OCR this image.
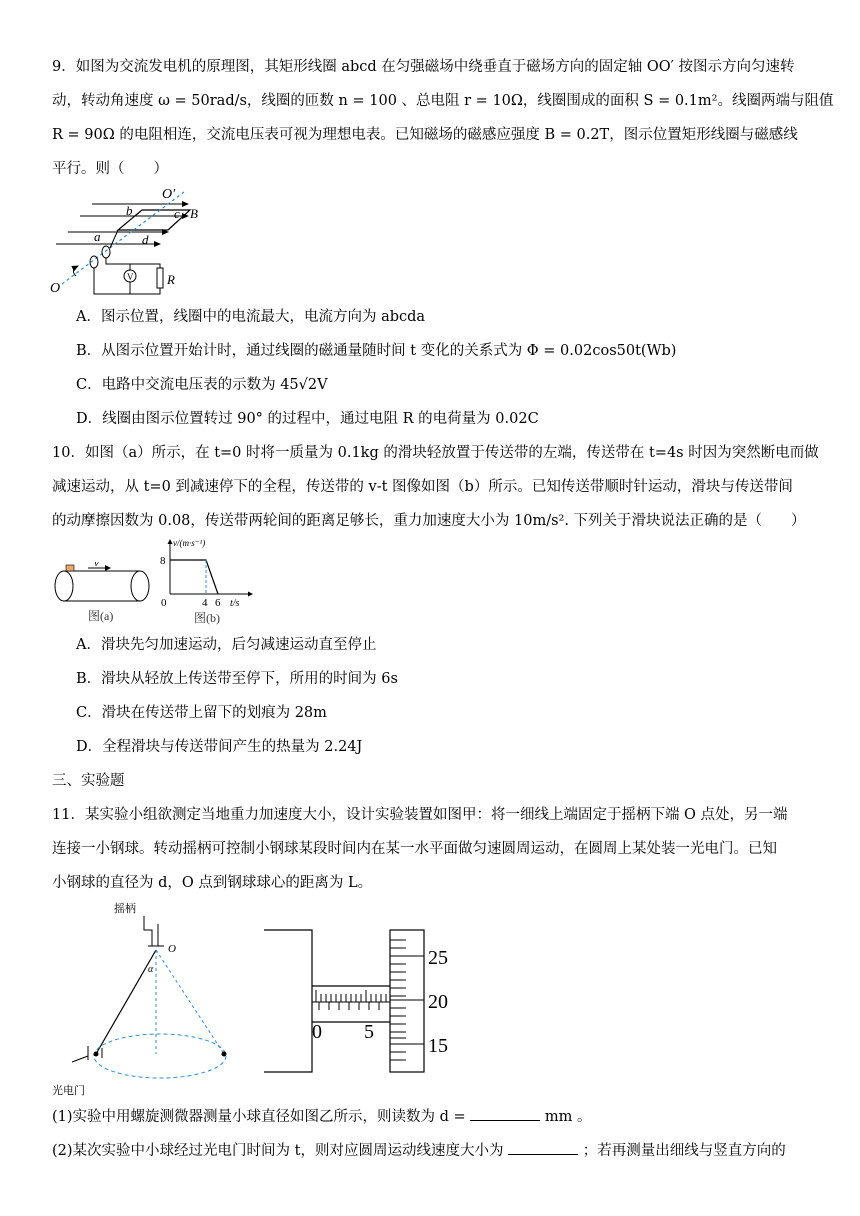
9．如图为交流发电机的原理图，其矩形线圈 abcd 在匀强磁场中绕垂直于磁场方向的固定轴 OO′ 按图示方向匀速转
动，转动角速度 ω = 50rad/s，线圈的匝数 n = 100 、总电阻 r = 10Ω，线圈围成的面积 S = 0.1m²。线圈两端与阻值
R = 90Ω 的电阻相连，交流电压表可视为理想电表。已知磁场的磁感应强度 B = 0.2T，图示位置矩形线圈与磁感线
平行。则（　　）
O′
b	c B
a	d
V	R
O
A．图示位置，线圈中的电流最大，电流方向为 abcda
B．从图示位置开始计时，通过线圈的磁通量随时间 t 变化的关系式为 Φ = 0.02cos50t(Wb)
C．电路中交流电压表的示数为 45√2V
D．线圈由图示位置转过 90° 的过程中，通过电阻 R 的电荷量为 0.02C
10．如图（a）所示，在 t=0 时将一质量为 0.1kg 的滑块轻放置于传送带的左端，传送带在 t=4s 时因为突然断电而做
减速运动，从 t=0 到减速停下的全程，传送带的 v-t 图像如图（b）所示。已知传送带顺时针运动，滑块与传送带间
的动摩擦因数为 0.08，传送带两轮间的距离足够长，重力加速度大小为 10m/s². 下列关于滑块说法正确的是（　　）
v
图(a)
v/(m·s⁻¹)
8
0	4 6 t/s
图(b)
A．滑块先匀加速运动，后匀减速运动直至停止
B．滑块从轻放上传送带至停下，所用的时间为 6s
C．滑块在传送带上留下的划痕为 28m
D．全程滑块与传送带间产生的热量为 2.24J
三、实验题
11．某实验小组欲测定当地重力加速度大小，设计实验装置如图甲：将一细线上端固定于摇柄下端 O 点处，另一端
连接一小钢球。转动摇柄可控制小钢球某段时间内在某一水平面做匀速圆周运动，在圆周上某处装一光电门。已知
小钢球的直径为 d，O 点到钢球球心的距离为 L。
摇柄
O
α
光电门
0 5
25
20
15
(1)实验中用螺旋测微器测量小球直径如图乙所示，则读数为 d =	mm 。
(2)某次实验中小球经过光电门时间为 t，则对应圆周运动线速度大小为	；若再测量出细线与竖直方向的
